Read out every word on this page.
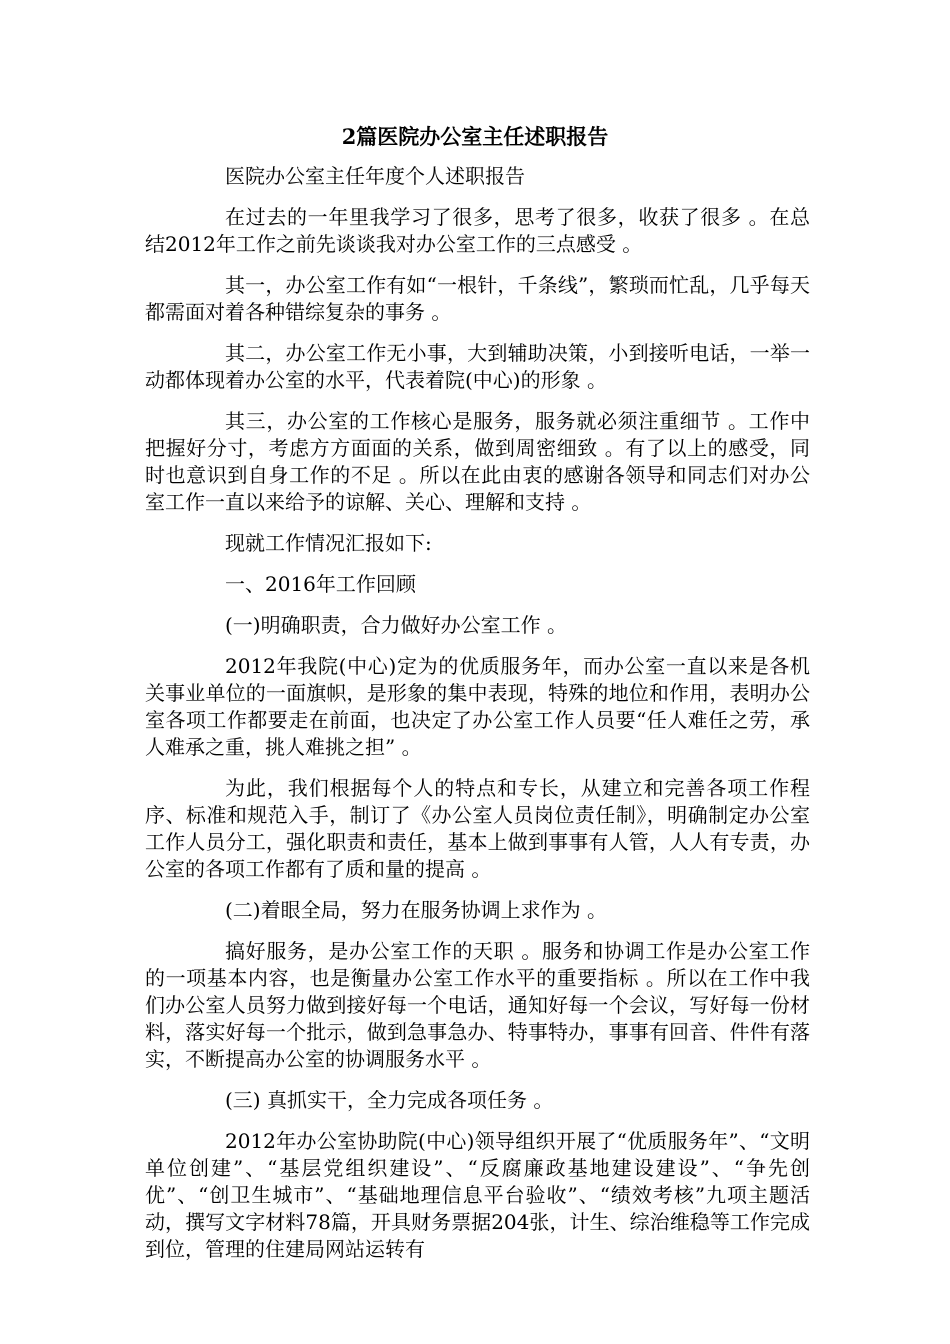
2篇医院办公室主任述职报告

医院办公室主任年度个人述职报告

在过去的一年里我学习了很多，思考了很多，收获了很多 。在总结2012年工作之前先谈谈我对办公室工作的三点感受 。

其一，办公室工作有如“一根针，千条线”，繁琐而忙乱，几乎每天都需面对着各种错综复杂的事务 。

其二，办公室工作无小事，大到辅助决策，小到接听电话，一举一动都体现着办公室的水平，代表着院(中心)的形象 。

其三，办公室的工作核心是服务，服务就必须注重细节 。工作中把握好分寸，考虑方方面面的关系，做到周密细致 。有了以上的感受，同时也意识到自身工作的不足 。所以在此由衷的感谢各领导和同志们对办公室工作一直以来给予的谅解、关心、理解和支持 。

现就工作情况汇报如下:

一、2016年工作回顾

(一)明确职责，合力做好办公室工作 。

2012年我院(中心)定为的优质服务年，而办公室一直以来是各机关事业单位的一面旗帜，是形象的集中表现，特殊的地位和作用，表明办公室各项工作都要走在前面，也决定了办公室工作人员要“任人难任之劳，承人难承之重，挑人难挑之担” 。

为此，我们根据每个人的特点和专长，从建立和完善各项工作程序、标准和规范入手，制订了《办公室人员岗位责任制》，明确制定办公室工作人员分工，强化职责和责任，基本上做到事事有人管，人人有专责，办公室的各项工作都有了质和量的提高 。

(二)着眼全局，努力在服务协调上求作为 。

搞好服务，是办公室工作的天职 。服务和协调工作是办公室工作的一项基本内容，也是衡量办公室工作水平的重要指标 。所以在工作中我们办公室人员努力做到接好每一个电话，通知好每一个会议，写好每一份材料，落实好每一个批示，做到急事急办、特事特办，事事有回音、件件有落实，不断提高办公室的协调服务水平 。

(三) 真抓实干，全力完成各项任务 。

2012年办公室协助院(中心)领导组织开展了“优质服务年”、“文明单位创建”、“基层党组织建设”、“反腐廉政基地建设建设”、“争先创优”、“创卫生城市”、“基础地理信息平台验收”、“绩效考核”九项主题活动，撰写文字材料78篇，开具财务票据204张，计生、综治维稳等工作完成到位，管理的住建局网站运转有
